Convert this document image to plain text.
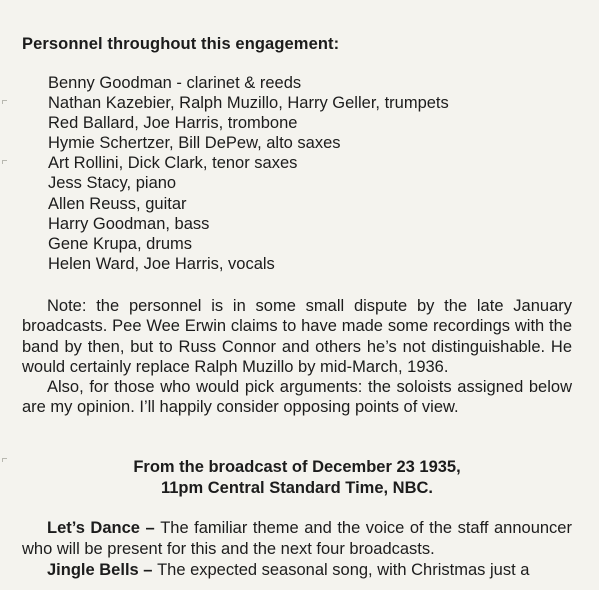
Personnel throughout this engagement:
Benny Goodman - clarinet & reeds
Nathan Kazebier, Ralph Muzillo, Harry Geller, trumpets
Red Ballard, Joe Harris, trombone
Hymie Schertzer, Bill DePew, alto saxes
Art Rollini, Dick Clark, tenor saxes
Jess Stacy, piano
Allen Reuss, guitar
Harry Goodman, bass
Gene Krupa, drums
Helen Ward, Joe Harris, vocals

Note: the personnel is in some small dispute by the late January broadcasts. Pee Wee Erwin claims to have made some recordings with the band by then, but to Russ Connor and others he’s not distinguishable. He would certainly replace Ralph Muzillo by mid-March, 1936.

Also, for those who would pick arguments: the soloists assigned below are my opinion. I’ll happily consider opposing points of view.

From the broadcast of December 23 1935,
11pm Central Standard Time, NBC.

Let’s Dance – The familiar theme and the voice of the staff announcer who will be present for this and the next four broadcasts.

Jingle Bells – The expected seasonal song, with Christmas just a
